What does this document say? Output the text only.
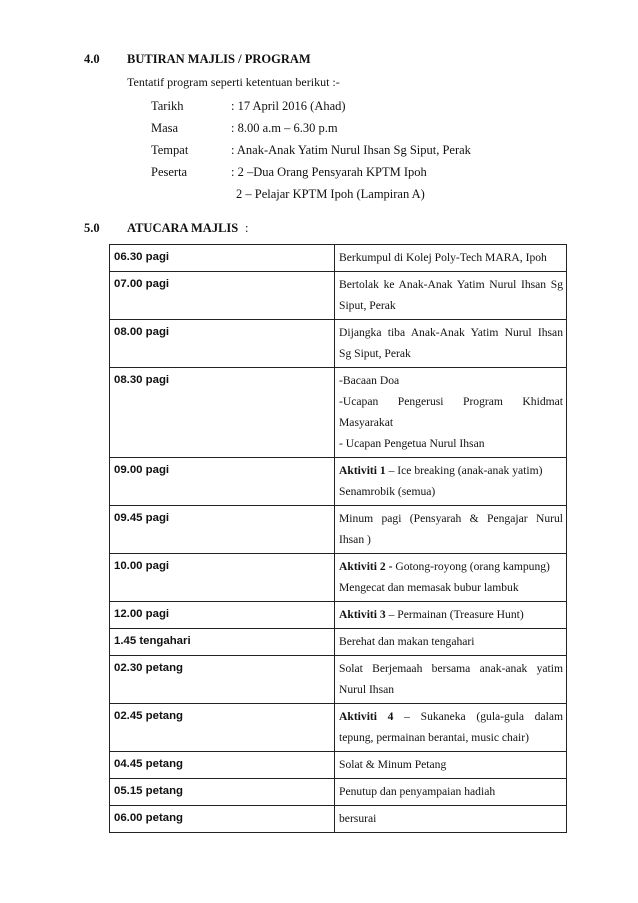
4.0 BUTIRAN MAJLIS / PROGRAM
Tentatif program seperti ketentuan berikut :-
Tarikh	: 17 April 2016 (Ahad)
Masa	: 8.00 a.m – 6.30 p.m
Tempat	: Anak-Anak Yatim Nurul Ihsan Sg Siput, Perak
Peserta	: 2 –Dua Orang Pensyarah KPTM Ipoh
2 – Pelajar KPTM Ipoh (Lampiran A)
5.0 ATUCARA MAJLIS :
06.30 pagi	Berkumpul di Kolej Poly-Tech MARA, Ipoh

07.00 pagi	Bertolak ke Anak-Anak Yatim Nurul Ihsan Sg
Siput, Perak

08.00 pagi	Dijangka tiba Anak-Anak Yatim Nurul Ihsan
Sg Siput, Perak

08.30 pagi	-Bacaan Doa
-Ucapan Pengerusi Program Khidmat
Masyarakat
- Ucapan Pengetua Nurul Ihsan

09.00 pagi	Aktiviti 1 – Ice breaking (anak-anak yatim)
Senamrobik (semua)

09.45 pagi	Minum pagi (Pensyarah & Pengajar Nurul
Ihsan )

10.00 pagi	Aktiviti 2 - Gotong-royong (orang kampung)
Mengecat dan memasak bubur lambuk

12.00 pagi	Aktiviti 3 – Permainan (Treasure Hunt)

1.45 tengahari	Berehat dan makan tengahari

02.30 petang	Solat Berjemaah bersama anak-anak yatim
Nurul Ihsan

02.45 petang	Aktiviti 4 – Sukaneka (gula-gula dalam
tepung, permainan berantai, music chair)

04.45 petang	Solat & Minum Petang

05.15 petang	Penutup dan penyampaian hadiah

06.00 petang	bersurai
